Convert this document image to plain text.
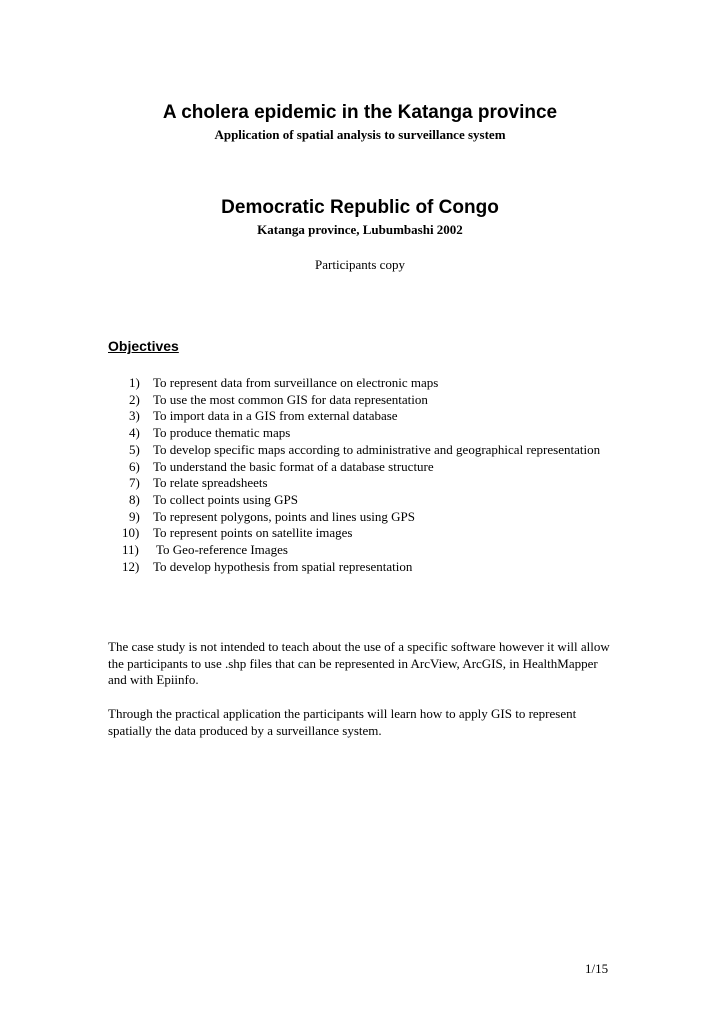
A cholera epidemic in the Katanga province
Application of spatial analysis to surveillance system
Democratic Republic of Congo
Katanga province, Lubumbashi 2002
Participants copy
Objectives
1) To represent data from surveillance on electronic maps
2) To use the most common GIS for data representation
3) To import data in a GIS from external database
4) To produce thematic maps
5) To develop specific maps according to administrative and geographical representation
6) To understand the basic format of a database structure
7) To relate spreadsheets
8) To collect points using GPS
9) To represent polygons, points and lines using GPS
10) To represent points on satellite images
11) To Geo-reference Images
12) To develop hypothesis from spatial representation

The case study is not intended to teach about the use of a specific software however it will allow the participants to use .shp files that can be represented in ArcView, ArcGIS, in HealthMapper and with Epiinfo.

Through the practical application the participants will learn how to apply GIS to represent spatially the data produced by a surveillance system.

1/15
